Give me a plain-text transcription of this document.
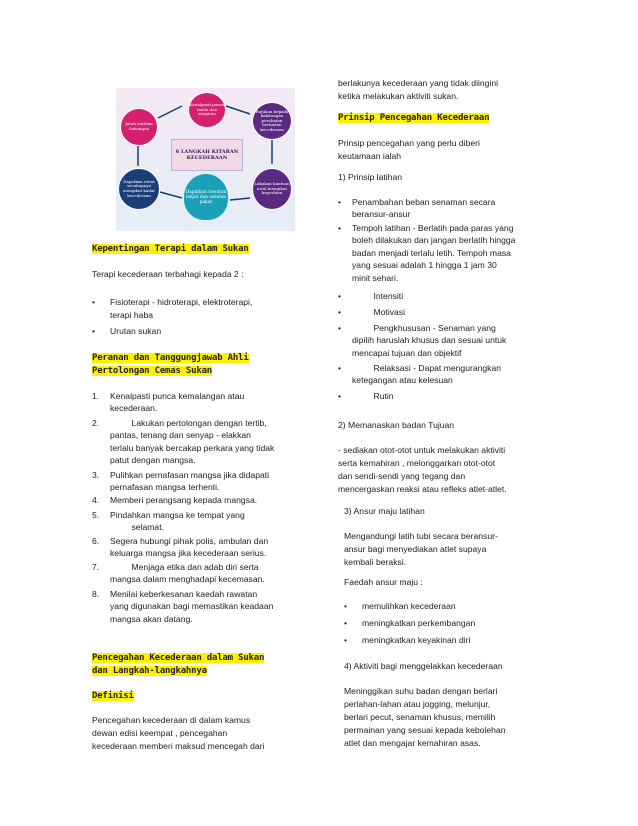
Kenalpasti punca tanda dan simptom
Rujukan kepada kakitangan perubatan berkaitan kecederaan
Jatuh Latihan Sokongan
6 LANGKAH KITARAN KECEDERAAN
Dapatkan rehat secukupnya mengikut kadar kecederaan
Lakukan bantuan awal mengikut keperluan
Dapatkan rawatan lanjut dan susulan pakar
Kepentingan Terapi dalam Sukan
Terapi kecederaan terbahagi kepada 2 :
• Fisioterapi - hidroterapi, elektroterapi,
terapi haba
• Urutan sukan
Peranan dan Tanggungjawab Ahli
Pertolongan Cemas Sukan
1. Kenalpasti punca kemalangan atau
kecederaan.
2. Lakukan pertolongan dengan tertib,
pantas, tenang dan senyap - elakkan
terlalu banyak bercakap perkara yang tidak
patut dengan mangsa.
3. Pulihkan pernafasan mangsa jika didapati
pernafasan mangsa terhenti.
4. Memberi perangsang kepada mangsa.
5. Pindahkan mangsa ke tempat yang
selamat.
6. Segera hubungi pihak polis, ambulan dan
keluarga mangsa jika kecederaan serius.
7. Menjaga etika dan adab diri serta
mangsa dalam menghadapi kecemasan.
8. Menilai keberkesanan kaedah rawatan
yang digunakan bagi memastikan keadaan
mangsa akan datang.
Pencegahan Kecederaan dalam Sukan
dan Langkah-langkahnya
Definisi
Pencegahan kecederaan di dalam kamus
dewan edisi keempat , pencegahan
kecederaan memberi maksud mencegah dari
berlakunya kecederaan yang tidak diingini
ketika melakukan aktiviti sukan.
Prinsip Pencegahan Kecederaan
Prinsip pencegahan yang perlu diberi
keutamaan ialah
1) Prinsip latihan
• Penambahan beban senaman secara
beransur-ansur
• Tempoh latihan - Berlatih pada paras yang
boleh dilakukan dan jangan berlatih hingga
badan menjadi terlalu letih. Tempoh masa
yang sesuai adalah 1 hingga 1 jam 30
minit sehari.
• Intensiti
• Motivasi
• Pengkhususan - Senaman yang
dipilih haruslah khusus dan sesuai untuk
mencapai tujuan dan objektif
• Relaksasi - Dapat mengurangkan
ketegangan atau kelesuan
• Rutin
2) Memanaskan badan Tujuan
- sediakan otot-otot untuk melakukan aktiviti
serta kemahiran , melonggarkan otot-otot
dan sendi-sendi yang tegang dan
mencergaskan reaksi atau refleks atlet-atlet.
3) Ansur maju latihan
Mengandungi latih tubi secara beransur-
ansur bagi menyediakan atlet supaya
kembali beraksi.
Faedah ansur maju :
• memulihkan kecederaan
• meningkatkan perkembangan
• meningkatkan keyakinan diri
4) Aktiviti bagi menggelakkan kecederaan
Meninggikan suhu badan dengan berlari
perlahan-lahan atau jogging, melunjur,
berlari pecut, senaman khusus, memilih
permainan yang sesuai kepada kebolehan
atlet dan mengajar kemahiran asas.
